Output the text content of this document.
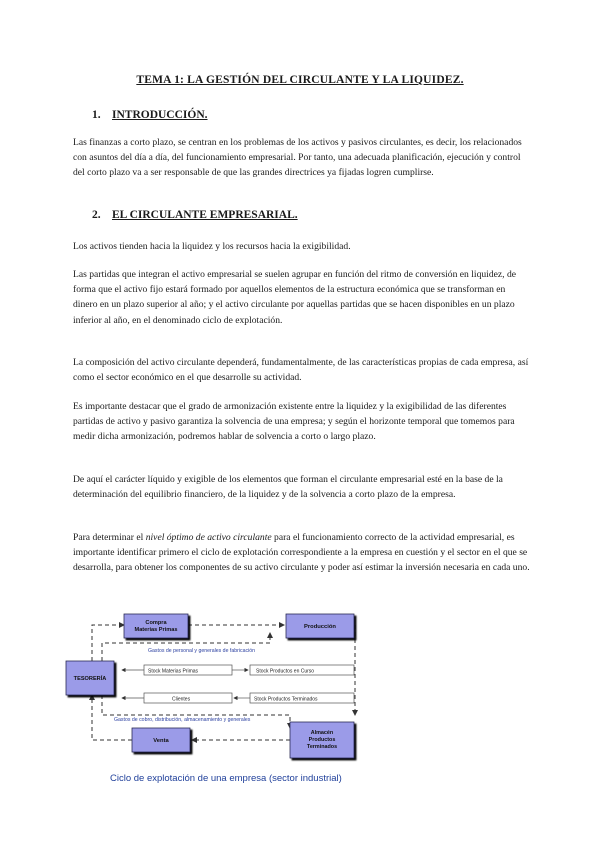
TEMA 1: LA GESTIÓN DEL CIRCULANTE Y LA LIQUIDEZ.
1. INTRODUCCIÓN.

Las finanzas a corto plazo, se centran en los problemas de los activos y pasivos circulantes, es decir, los relacionados con asuntos del día a día, del funcionamiento empresarial. Por tanto, una adecuada planificación, ejecución y control del corto plazo va a ser responsable de que las grandes directrices ya fijadas logren cumplirse.

2. EL CIRCULANTE EMPRESARIAL.

Los activos tienden hacia la liquidez y los recursos hacia la exigibilidad.

Las partidas que integran el activo empresarial se suelen agrupar en función del ritmo de conversión en liquidez, de forma que el activo fijo estará formado por aquellos elementos de la estructura económica que se transforman en dinero en un plazo superior al año; y el activo circulante por aquellas partidas que se hacen disponibles en un plazo inferior al año, en el denominado ciclo de explotación.

La composición del activo circulante dependerá, fundamentalmente, de las características propias de cada empresa, así como el sector económico en el que desarrolle su actividad.

Es importante destacar que el grado de armonización existente entre la liquidez y la exigibilidad de las diferentes partidas de activo y pasivo garantiza la solvencia de una empresa; y según el horizonte temporal que tomemos para medir dicha armonización, podremos hablar de solvencia a corto o largo plazo.

De aquí el carácter líquido y exigible de los elementos que forman el circulante empresarial esté en la base de la determinación del equilibrio financiero, de la liquidez y de la solvencia a corto plazo de la empresa.

Para determinar el nivel óptimo de activo circulante para el funcionamiento correcto de la actividad empresarial, es importante identificar primero el ciclo de explotación correspondiente a la empresa en cuestión y el sector en el que se desarrolla, para obtener los componentes de su activo circulante y poder así estimar la inversión necesaria en cada uno.

Gastos de personal y generales de fabricación
Stock Materias Primas	Stock Productos en Curso
Clientes	Stock Productos Terminados
Gastos de cobro, distribución, almacenamiento y generales
Compra
Materias Primas	Producción
TESORERÍA
Venta
Almacén
Productos
Terminados
Ciclo de explotación de una empresa (sector industrial)
